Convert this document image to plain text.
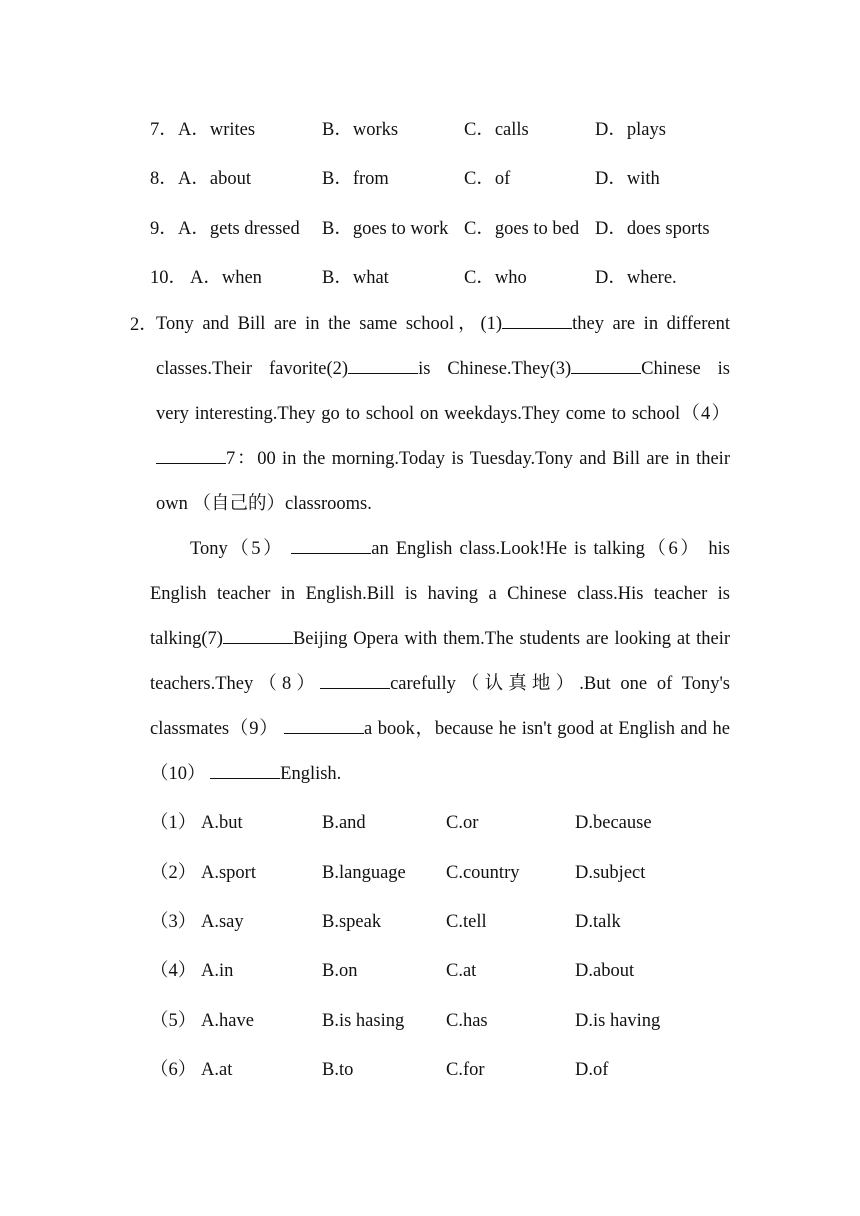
7． A．writes	B．works	C．calls	D．plays
8． A．about	B．from	C．of	D．with
9． A．gets dressed B．goes to work C．goes to bed D．does sports
10． A．when	B．what	C．who	D．where.
2．

Tony and Bill are in the same school，(1)	they are in different classes.Their favorite(2)	is Chinese.They(3)	Chinese is very interesting.They go to school on weekdays.They come to school（4） 7：00 in the morning.Today is Tuesday.Tony and Bill are in their own （自己的）classrooms.

Tony（5）	an English class.Look!He is talking（6） his English teacher in English.Bill is having a Chinese class.His teacher is talking(7)	Beijing Opera with them.The students are looking at their teachers.They（8）	carefully（认真地）.But one of Tony's classmates（9）	a book，because he isn't good at English and he（10）	English.

（1） A.but	B.and	C.or	D.because
（2） A.sport	B.language C.country	D.subject
（3） A.say	B.speak	C.tell	D.talk
（4） A.in	B.on	C.at	D.about
（5） A.have	B.is hasing C.has	D.is having
（6） A.at	B.to	C.for	D.of
